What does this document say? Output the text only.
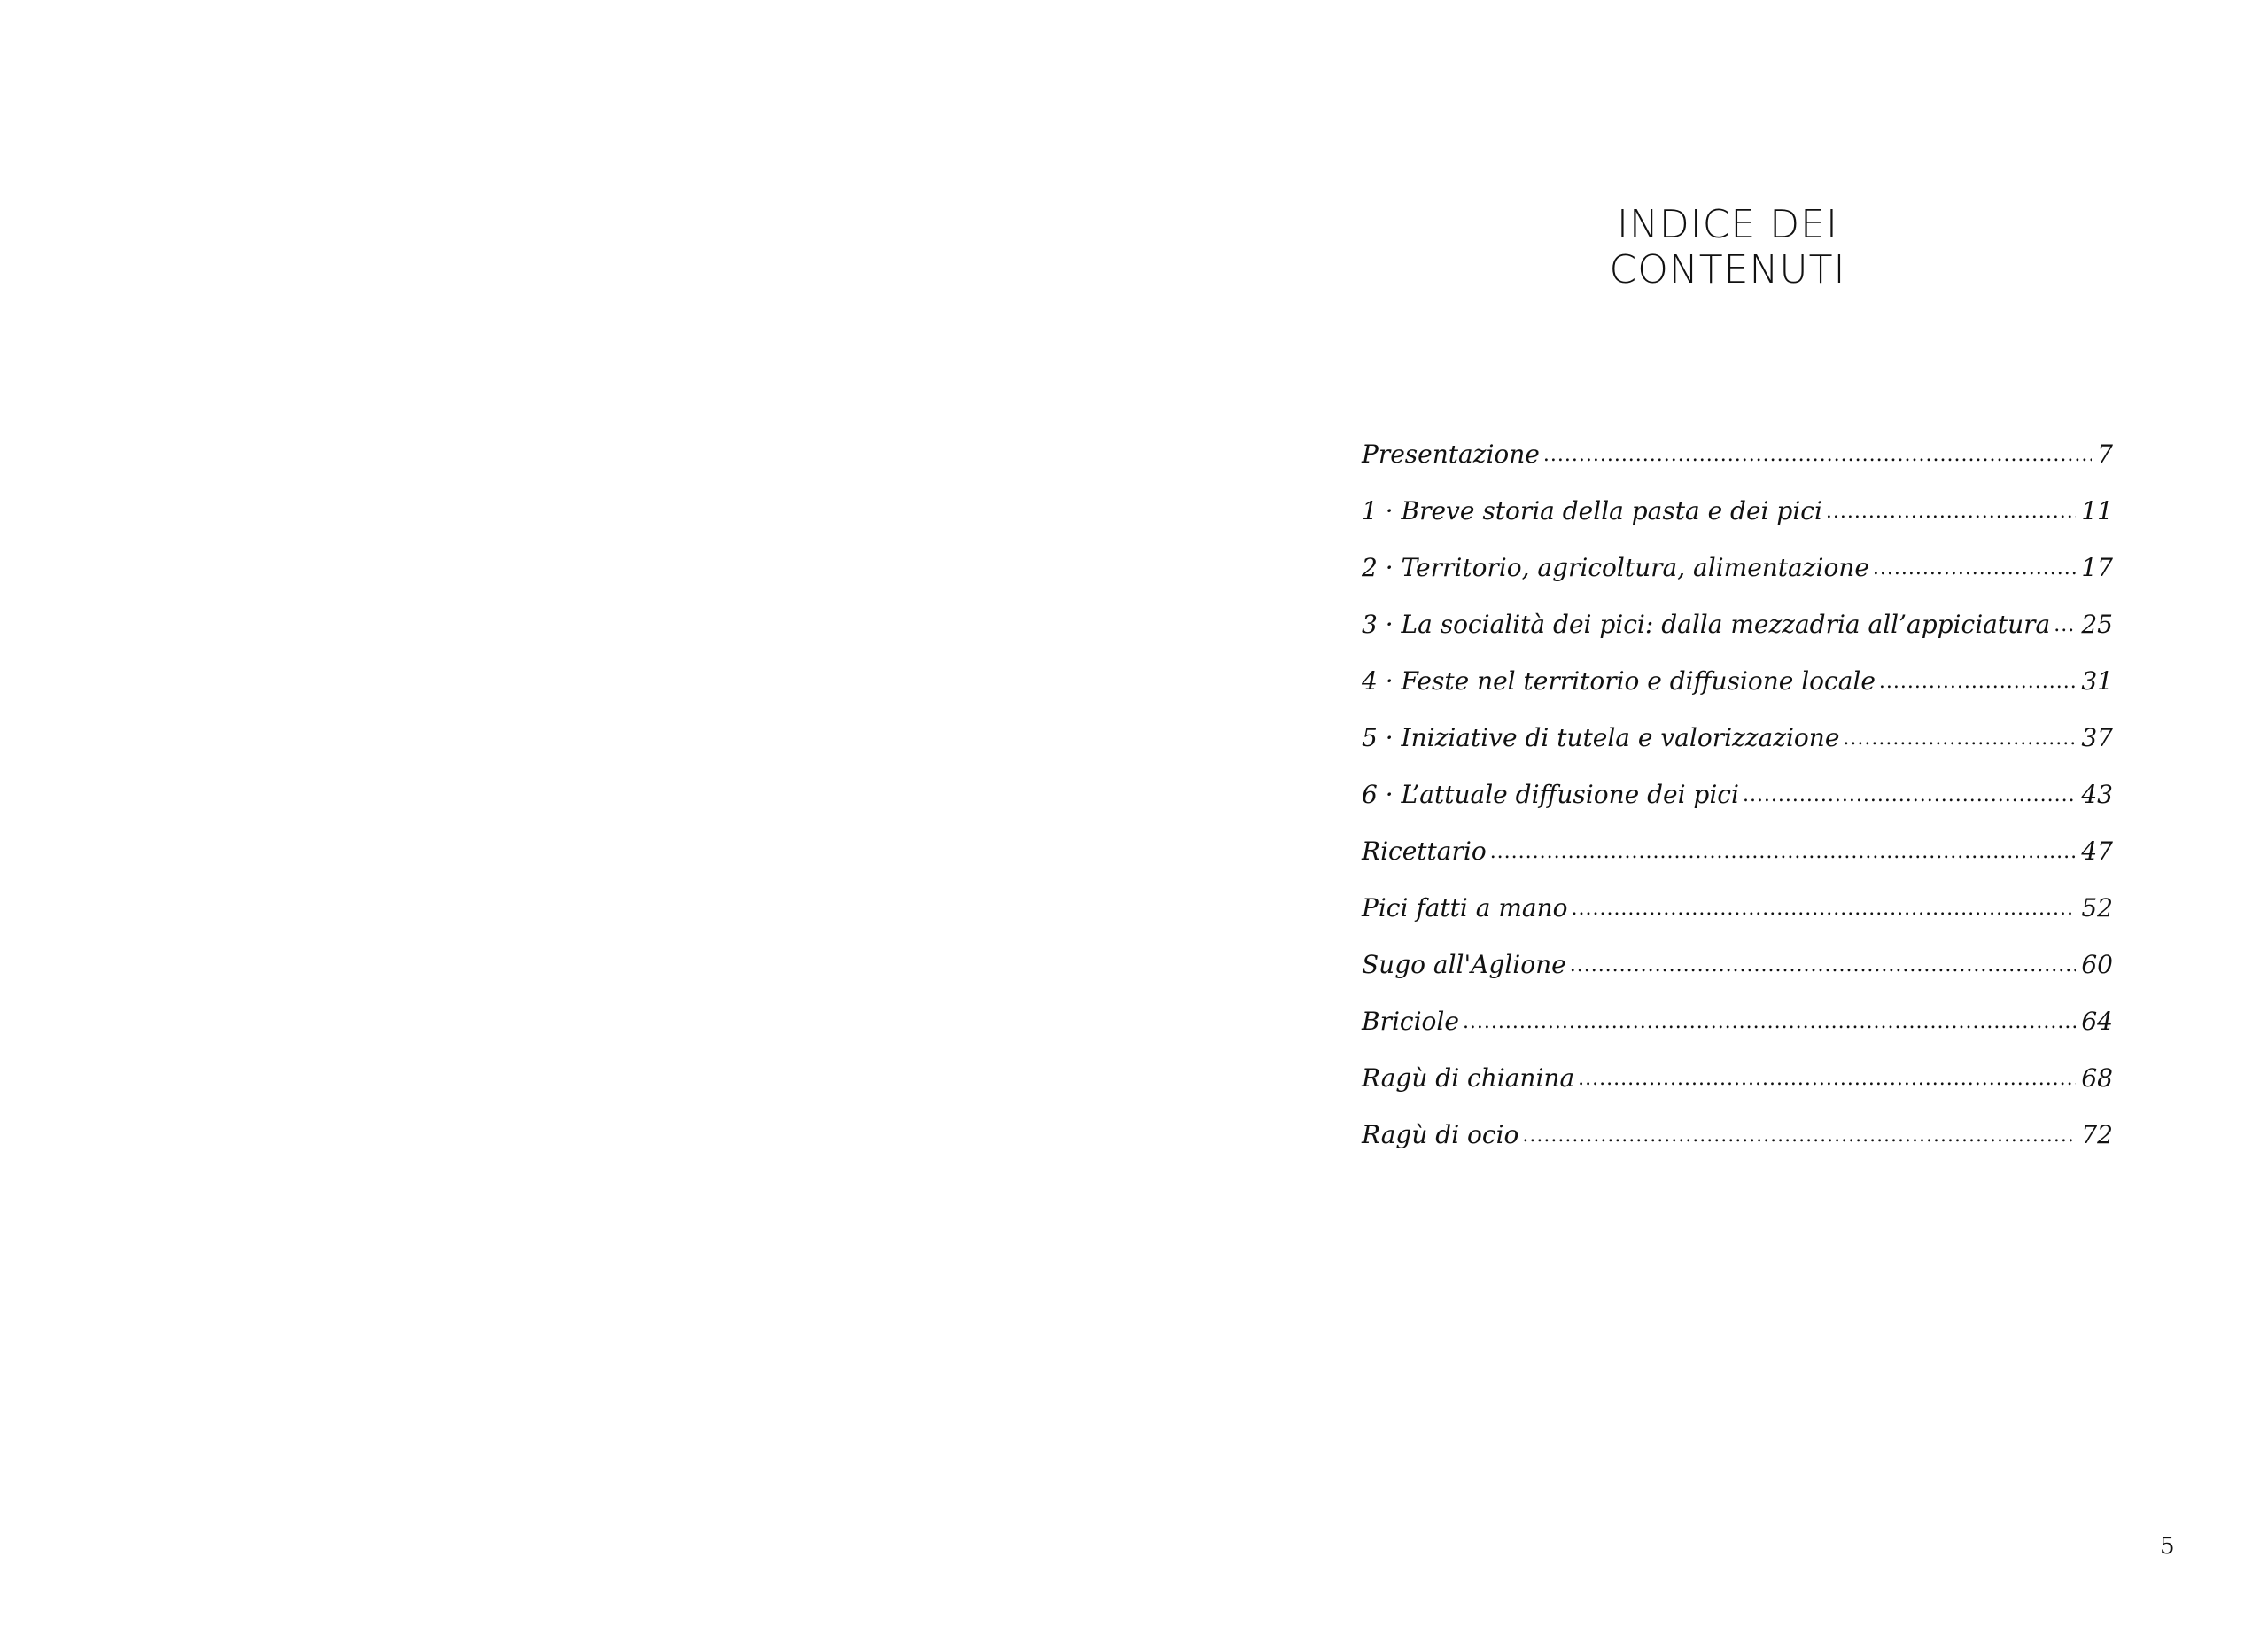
INDICE DEI CONTENUTI
Presentazione .....	7
1 · Breve storia della pasta e dei pici .....	11
2 · Territorio, agricoltura, alimentazione .....	17
3 · La socialità dei pici: dalla mezzadria all’appiciatura ..... 25
4 · Feste nel territorio e diffusione locale .....	31
5 · Iniziative di tutela e valorizzazione .....	37
6 · L’attuale diffusione dei pici .....	43
Ricettario .....	47
Pici fatti a mano .....	52
Sugo all'Aglione .....	60
Briciole .....	64
Ragù di chianina .....	68
Ragù di ocio .....	72
5
